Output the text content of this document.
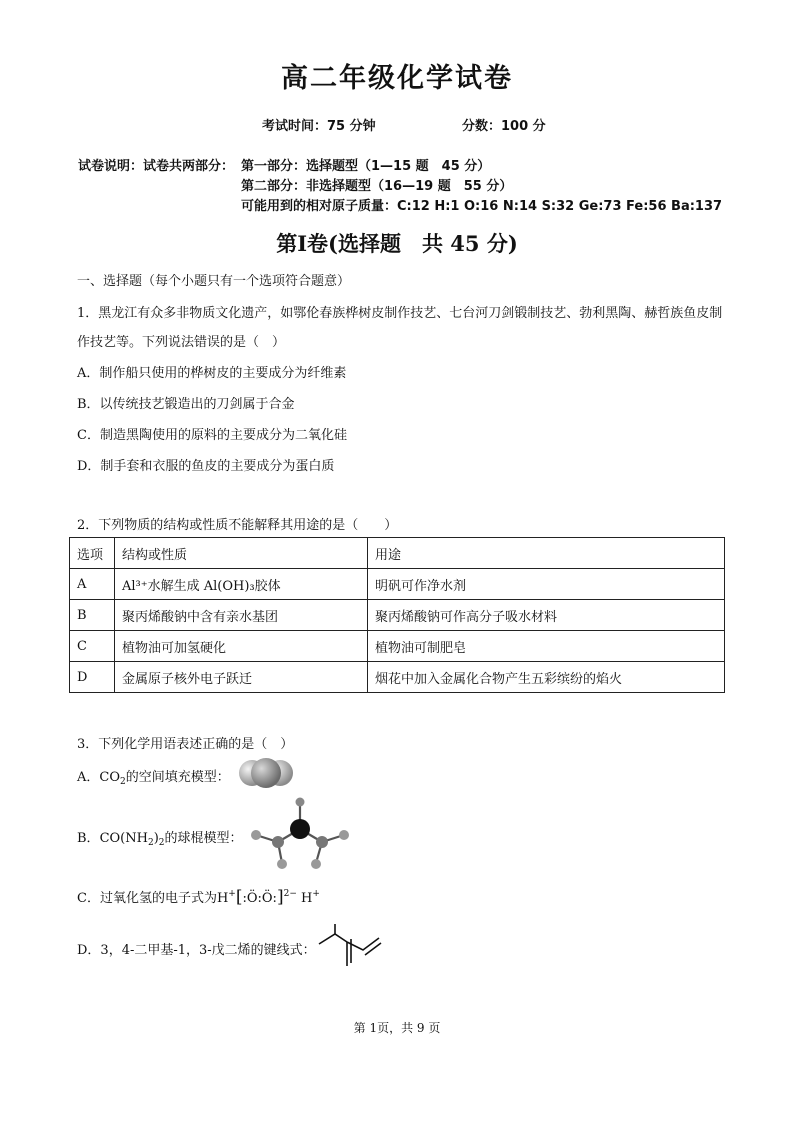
高二年级化学试卷
考试时间：75 分钟	分数：100 分
试卷说明：试卷共两部分： 第一部分：选择题型（1—15 题　45 分）
第二部分：非选择题型（16—19 题　55 分）
可能用到的相对原子质量：C:12 H:1 O:16 N:14 S:32 Ge:73 Fe:56 Ba:137
第Ⅰ卷(选择题　共 45 分)
一、选择题（每个小题只有一个选项符合题意）
1．黑龙江有众多非物质文化遗产，如鄂伦春族桦树皮制作技艺、七台河刀剑锻制技艺、勃利黑陶、赫哲族鱼皮制
作技艺等。下列说法错误的是（　）
A．制作船只使用的桦树皮的主要成分为纤维素
B．以传统技艺锻造出的刀剑属于合金
C．制造黑陶使用的原料的主要成分为二氧化硅
D．制手套和衣服的鱼皮的主要成分为蛋白质
2．下列物质的结构或性质不能解释其用途的是（　　）
选项	结构或性质	用途
A	Al³⁺水解生成 Al(OH)₃胶体	明矾可作净水剂
B	聚丙烯酸钠中含有亲水基团	聚丙烯酸钠可作高分子吸水材料
C	植物油可加氢硬化	植物油可制肥皂
D	金属原子核外电子跃迁	烟花中加入金属化合物产生五彩缤纷的焰火
3．下列化学用语表述正确的是（　）
A．$CO_2$的空间填充模型：
B．$CO(NH_2)_2$的球棍模型：
C．过氧化氢的电子式为H+[:Ö:Ö:]$^{2-}$ H+
D．3，4-二甲基-1，3-戊二烯的键线式：
第 1页，共 9 页
